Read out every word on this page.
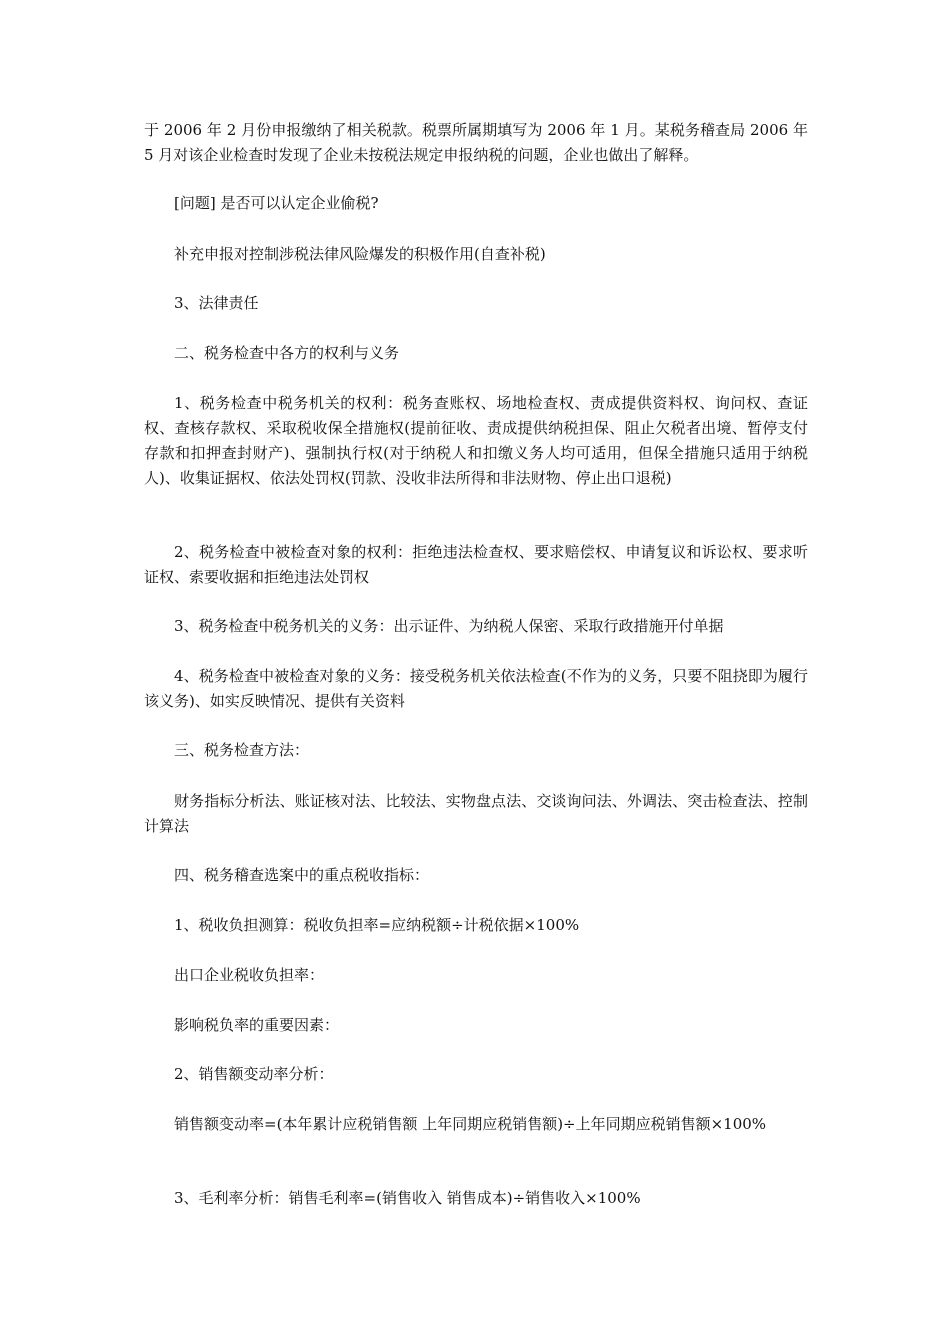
于 2006 年 2 月份申报缴纳了相关税款。税票所属期填写为 2006 年 1 月。某税务稽查局 2006 年 5 月对该企业检查时发现了企业未按税法规定申报纳税的问题，企业也做出了解释。

[问题] 是否可以认定企业偷税?

补充申报对控制涉税法律风险爆发的积极作用(自查补税)

3、法律责任

二、税务检查中各方的权利与义务

1、税务检查中税务机关的权利：税务查账权、场地检查权、责成提供资料权、询问权、查证权、查核存款权、采取税收保全措施权(提前征收、责成提供纳税担保、阻止欠税者出境、暂停支付存款和扣押查封财产)、强制执行权(对于纳税人和扣缴义务人均可适用，但保全措施只适用于纳税人)、收集证据权、依法处罚权(罚款、没收非法所得和非法财物、停止出口退税)

2、税务检查中被检查对象的权利：拒绝违法检查权、要求赔偿权、申请复议和诉讼权、要求听证权、索要收据和拒绝违法处罚权

3、税务检查中税务机关的义务：出示证件、为纳税人保密、采取行政措施开付单据

4、税务检查中被检查对象的义务：接受税务机关依法检查(不作为的义务，只要不阻挠即为履行该义务)、如实反映情况、提供有关资料

三、税务检查方法：

财务指标分析法、账证核对法、比较法、实物盘点法、交谈询问法、外调法、突击检查法、控制计算法

四、税务稽查选案中的重点税收指标：

1、税收负担测算：税收负担率=应纳税额÷计税依据×100%

出口企业税收负担率：

影响税负率的重要因素：

2、销售额变动率分析：

销售额变动率=(本年累计应税销售额 上年同期应税销售额)÷上年同期应税销售额×100%

3、毛利率分析：销售毛利率=(销售收入 销售成本)÷销售收入×100%
